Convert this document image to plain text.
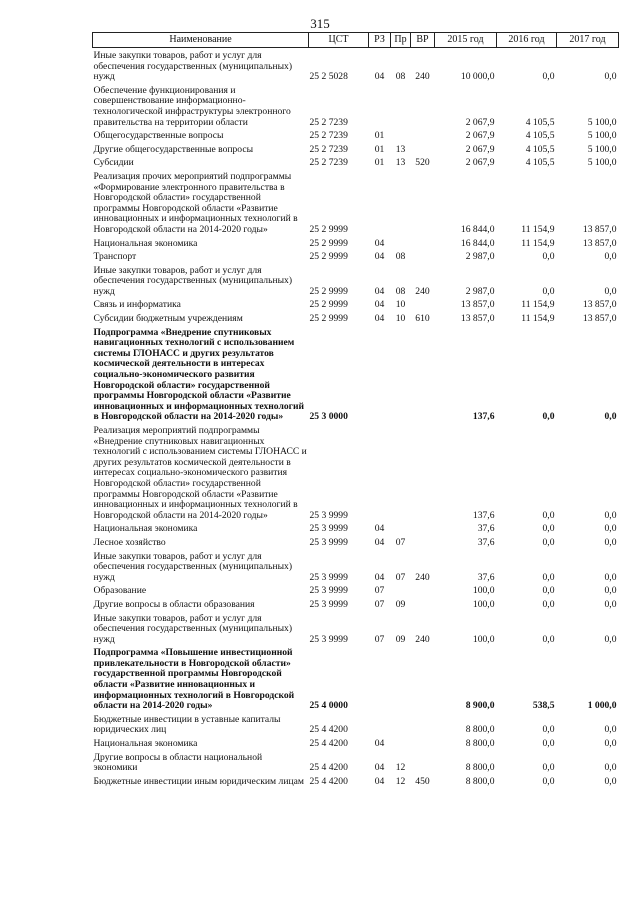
315
Наименование	ЦСТ	РЗ	Пр	ВР	2015 год	2016 год	2017 год
Иные закупки товаров, работ и услуг для обеспечения государственных (муниципальных) нужд	25 2 5028	04	08	240	10 000,0	0,0	0,0
Обеспечение функционирования и совершенствование информационно-технологической инфраструктуры электронного правительства на территории области	25 2 7239				2 067,9	4 105,5	5 100,0
Общегосударственные вопросы	25 2 7239	01			2 067,9	4 105,5	5 100,0
Другие общегосударственные вопросы	25 2 7239	01	13		2 067,9	4 105,5	5 100,0
Субсидии	25 2 7239	01	13	520	2 067,9	4 105,5	5 100,0
Реализация прочих мероприятий подпрограммы «Формирование электронного правительства в Новгородской области» государственной программы Новгородской области «Развитие инновационных и информационных технологий в Новгородской области на 2014-2020 годы»	25 2 9999				16 844,0	11 154,9	13 857,0
Национальная экономика	25 2 9999	04			16 844,0	11 154,9	13 857,0
Транспорт	25 2 9999	04	08		2 987,0	0,0	0,0
Иные закупки товаров, работ и услуг для обеспечения государственных (муниципальных) нужд	25 2 9999	04	08	240	2 987,0	0,0	0,0
Связь и информатика	25 2 9999	04	10		13 857,0	11 154,9	13 857,0
Субсидии бюджетным учреждениям	25 2 9999	04	10	610	13 857,0	11 154,9	13 857,0
Подпрограмма «Внедрение спутниковых навигационных технологий с использованием системы ГЛОНАСС и других результатов космической деятельности в интересах социально-экономического развития Новгородской области» государственной программы Новгородской области «Развитие инновационных и информационных технологий в Новгородской области на 2014-2020 годы»	25 3 0000				137,6	0,0	0,0
Реализация мероприятий подпрограммы «Внедрение спутниковых навигационных технологий с использованием системы ГЛОНАСС и других результатов космической деятельности в интересах социально-экономического развития Новгородской области» государственной программы Новгородской области «Развитие инновационных и информационных технологий в Новгородской области на 2014-2020 годы»	25 3 9999				137,6	0,0	0,0
Национальная экономика	25 3 9999	04			37,6	0,0	0,0
Лесное хозяйство	25 3 9999	04	07		37,6	0,0	0,0
Иные закупки товаров, работ и услуг для обеспечения государственных (муниципальных) нужд	25 3 9999	04	07	240	37,6	0,0	0,0
Образование	25 3 9999	07			100,0	0,0	0,0
Другие вопросы в области образования	25 3 9999	07	09		100,0	0,0	0,0
Иные закупки товаров, работ и услуг для обеспечения государственных (муниципальных) нужд	25 3 9999	07	09	240	100,0	0,0	0,0
Подпрограмма «Повышение инвестиционной привлекательности в Новгородской области» государственной программы Новгородской области «Развитие инновационных и информационных технологий в Новгородской области на 2014-2020 годы»	25 4 0000				8 900,0	538,5	1 000,0
Бюджетные инвестиции в уставные капиталы юридических лиц	25 4 4200				8 800,0	0,0	0,0
Национальная экономика	25 4 4200	04			8 800,0	0,0	0,0
Другие вопросы в области национальной экономики	25 4 4200	04	12		8 800,0	0,0	0,0
Бюджетные инвестиции иным юридическим лицам	25 4 4200	04	12	450	8 800,0	0,0	0,0
